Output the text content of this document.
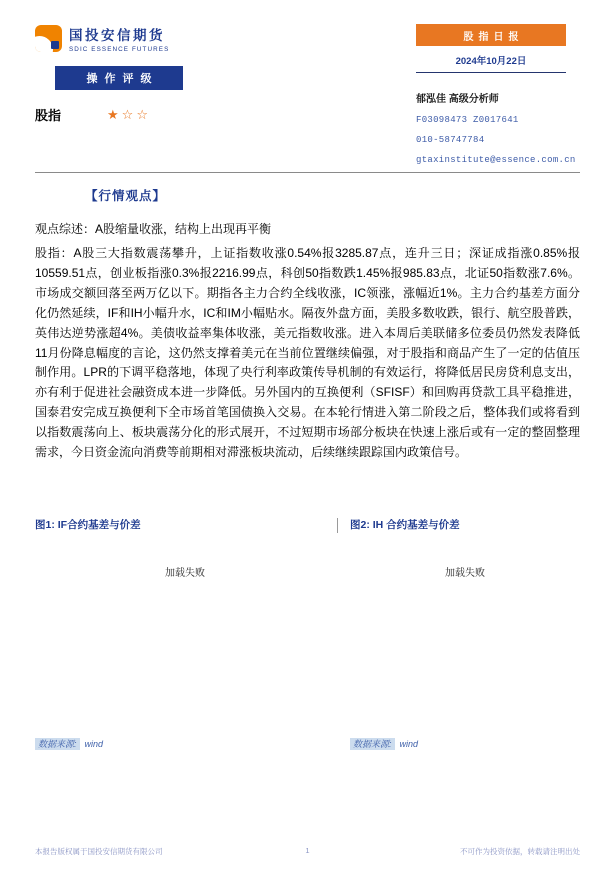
国投安信期货
SDIC ESSENCE FUTURES
操作评级
股指	★☆☆
股指日报
2024年10月22日
郁泓佳 高级分析师
F03098473 Z0017641
010-58747784
gtaxinstitute@essence.com.cn
【行情观点】

观点综述：A股缩量收涨，结构上出现再平衡

股指：A股三大指数震荡攀升，上证指数收涨0.54%报3285.87点，连升三日；深证成指涨0.85%报10559.51点，创业板指涨0.3%报2216.99点，科创50指数跌1.45%报985.83点，北证50指数涨7.6%。市场成交额回落至两万亿以下。期指各主力合约全线收涨，IC领涨，涨幅近1%。主力合约基差方面分化仍然延续，IF和IH小幅升水，IC和IM小幅贴水。隔夜外盘方面，美股多数收跌，银行、航空股普跌，英伟达逆势涨超4%。美债收益率集体收涨，美元指数收涨。进入本周后美联储多位委员仍然发表降低11月份降息幅度的言论，这仍然支撑着美元在当前位置继续偏强，对于股指和商品产生了一定的估值压制作用。LPR的下调平稳落地，体现了央行利率政策传导机制的有效运行，将降低居民房贷利息支出，亦有利于促进社会融资成本进一步降低。另外国内的互换便利（SFISF）和回购再贷款工具平稳推进，国泰君安完成互换便利下全市场首笔国债换入交易。在本轮行情进入第二阶段之后，整体我们或将看到以指数震荡向上、板块震荡分化的形式展开，不过短期市场部分板块在快速上涨后或有一定的整固整理需求，今日资金流向消费等前期相对滞涨板块流动，后续继续跟踪国内政策信号。

图1: IF合约基差与价差
加载失败
数据来源: wind
图2: IH 合约基差与价差
加载失败
数据来源: wind
本报告版权属于国投安信期货有限公司	1	不可作为投资依据，转载请注明出处
